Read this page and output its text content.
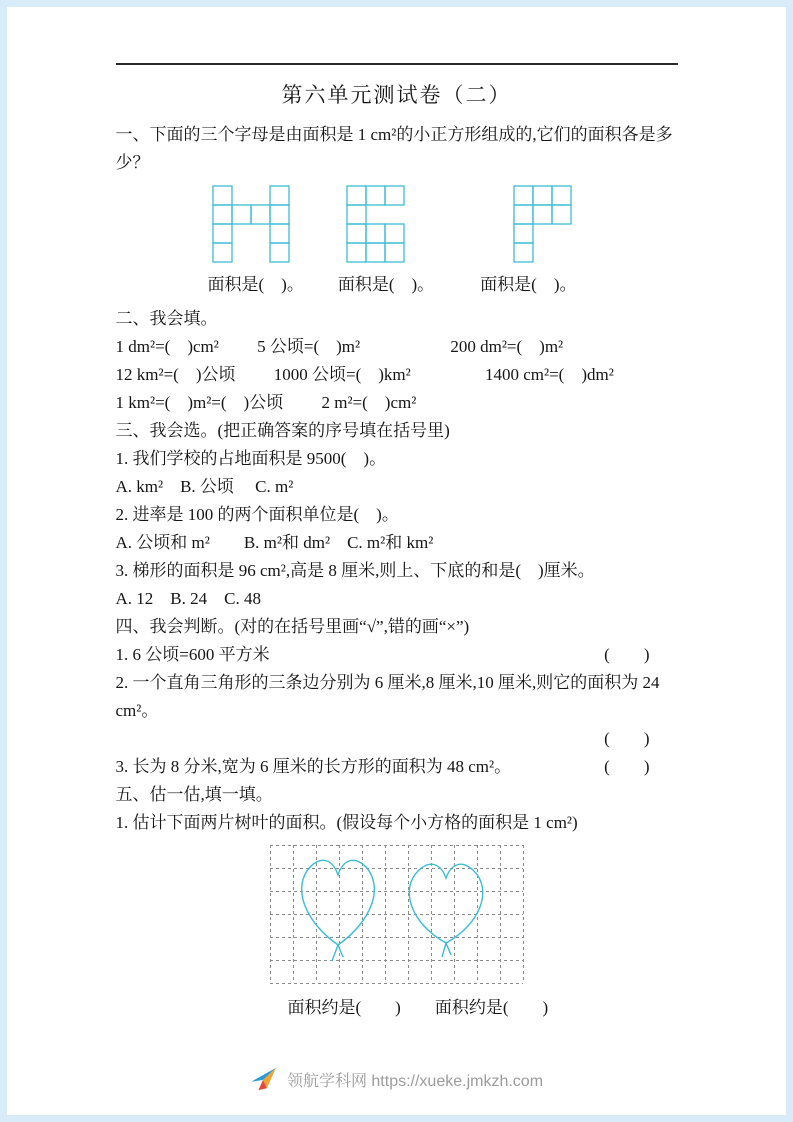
第六单元测试卷（二）
一、下面的三个字母是由面积是 1 cm²的小正方形组成的,它们的面积各是多少？
面积是(　)。 面积是(　)。	面积是(　)。
二、我会填。
1 dm²=(　)cm² 5 公顷=(　)m²	200 dm²=(　)m²
12 km²=(　)公顷 1000 公顷=(　)km²	1400 cm²=(　)dm²
1 km²=(　)m²=(　)公顷 2 m²=(　)cm²
三、我会选。(把正确答案的序号填在括号里)
1. 我们学校的占地面积是 9500(　)。
A. km²　B. 公顷　 C. m²
2. 进率是 100 的两个面积单位是(　)。
A. 公顷和 m²　　B. m²和 dm²　C. m²和 km²
3. 梯形的面积是 96 cm²,高是 8 厘米,则上、下底的和是(　)厘米。
A. 12　B. 24　C. 48
四、我会判断。(对的在括号里画“√”,错的画“×”)
1. 6 公顷=600 平方米	(　　)
2. 一个直角三角形的三条边分别为 6 厘米,8 厘米,10 厘米,则它的面积为 24 cm²。
(　　)
3. 长为 8 分米,宽为 6 厘米的长方形的面积为 48 cm²。	(　　)
五、估一估,填一填。
1. 估计下面两片树叶的面积。(假设每个小方格的面积是 1 cm²)
面积约是(　　) 面积约是(　　)
领航学科网 https://xueke.jmkzh.com
